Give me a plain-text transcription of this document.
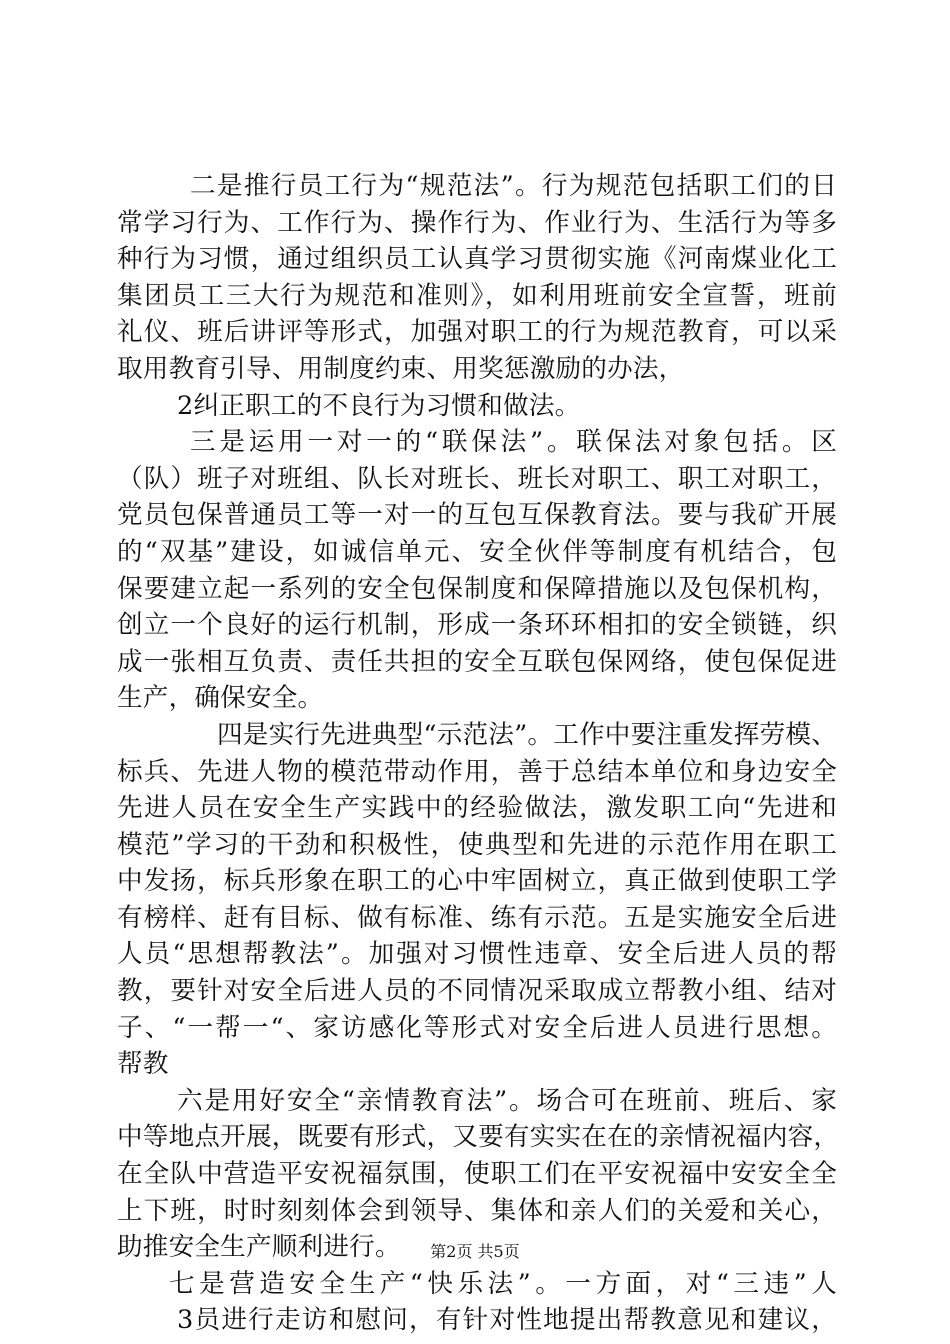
二是推行员工行为“规范法”。行为规范包括职工们的日
常学习行为、工作行为、操作行为、作业行为、生活行为等多
种行为习惯，通过组织员工认真学习贯彻实施《河南煤业化工
集团员工三大行为规范和准则》，如利用班前安全宣誓，班前
礼仪、班后讲评等形式，加强对职工的行为规范教育，可以采
取用教育引导、用制度约束、用奖惩激励的办法，
2纠正职工的不良行为习惯和做法。
三是运用一对一的“联保法”。联保法对象包括。区
（队）班子对班组、队长对班长、班长对职工、职工对职工，
党员包保普通员工等一对一的互包互保教育法。要与我矿开展
的“双基”建设，如诚信单元、安全伙伴等制度有机结合，包
保要建立起一系列的安全包保制度和保障措施以及包保机构，
创立一个良好的运行机制，形成一条环环相扣的安全锁链，织
成一张相互负责、责任共担的安全互联包保网络，使包保促进
生产，确保安全。
四是实行先进典型“示范法”。工作中要注重发挥劳模、
标兵、先进人物的模范带动作用，善于总结本单位和身边安全
先进人员在安全生产实践中的经验做法，激发职工向“先进和
模范”学习的干劲和积极性，使典型和先进的示范作用在职工
中发扬，标兵形象在职工的心中牢固树立，真正做到使职工学
有榜样、赶有目标、做有标准、练有示范。五是实施安全后进
人员“思想帮教法”。加强对习惯性违章、安全后进人员的帮
教，要针对安全后进人员的不同情况采取成立帮教小组、结对
子、“一帮一“、家访感化等形式对安全后进人员进行思想。
帮教
六是用好安全“亲情教育法”。场合可在班前、班后、家
中等地点开展，既要有形式，又要有实实在在的亲情祝福内容，
在全队中营造平安祝福氛围，使职工们在平安祝福中安安全全
上下班，时时刻刻体会到领导、集体和亲人们的关爱和关心，
助推安全生产顺利进行。
七是营造安全生产“快乐法”。一方面，对“三违”人
3员进行走访和慰问，有针对性地提出帮教意见和建议，
第2页 共5页
